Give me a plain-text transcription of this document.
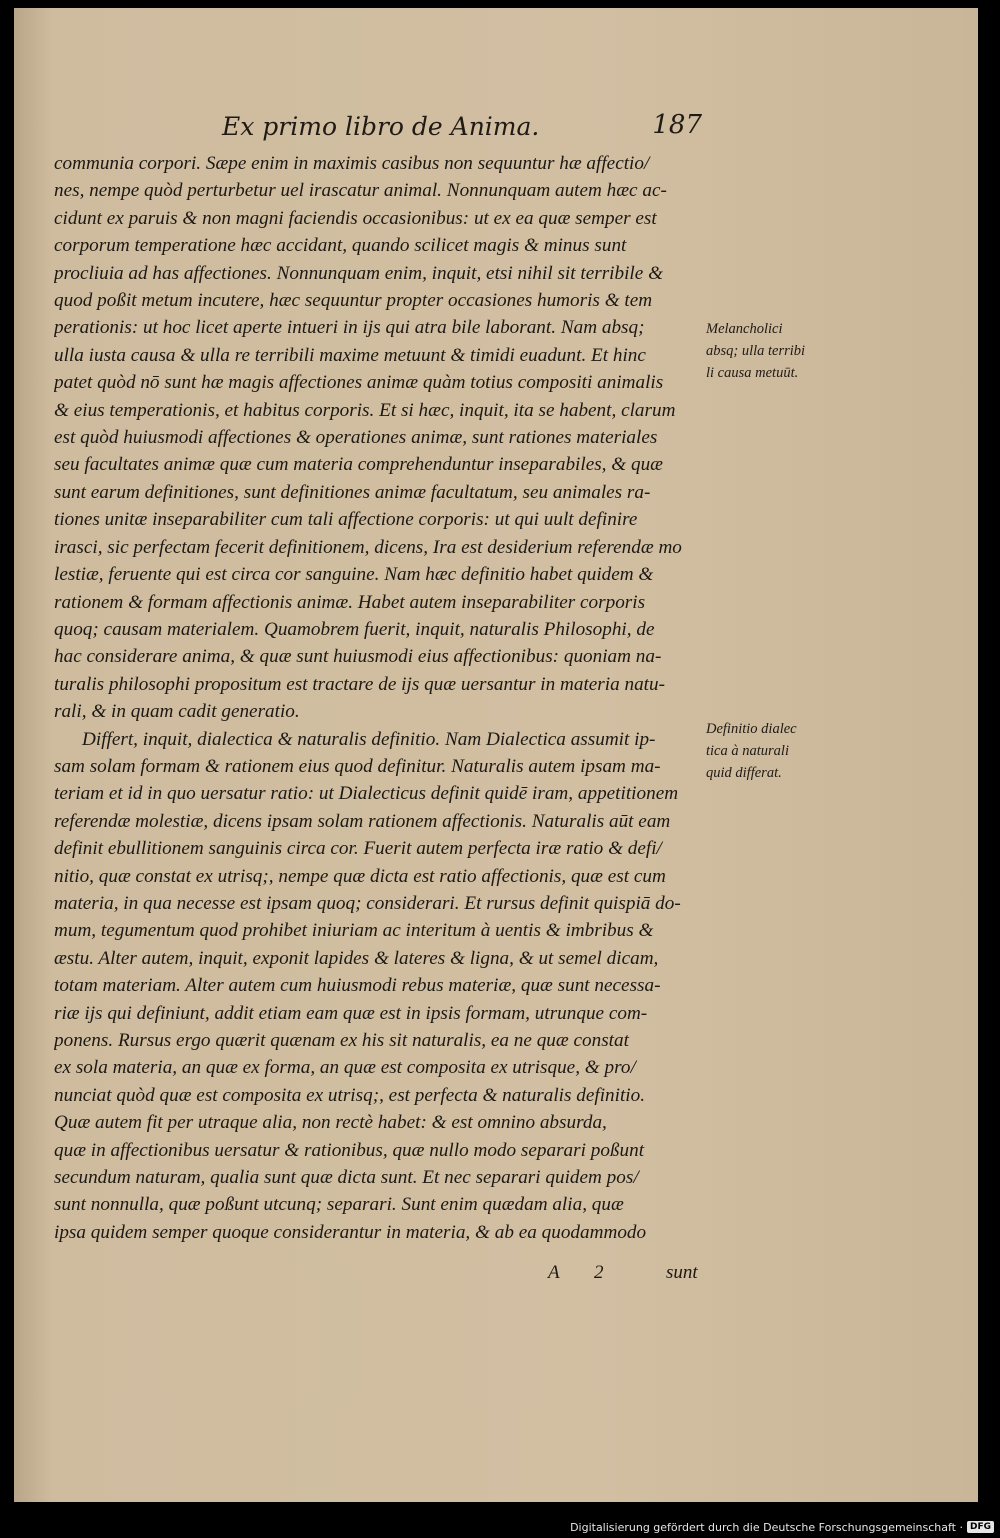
Ex primo libro de Anima.	187
communia corpori. Sæpe enim in maximis casibus non sequuntur hæ affectio/
nes, nempe quòd perturbetur uel irascatur animal. Nonnunquam autem hæc ac-
cidunt ex paruis & non magni faciendis occasionibus: ut ex ea quæ semper est
corporum temperatione hæc accidant, quando scilicet magis & minus sunt
procliuia ad has affectiones. Nonnunquam enim, inquit, etsi nihil sit terribile &
quod poßit metum incutere, hæc sequuntur propter occasiones humoris & tem
perationis: ut hoc licet aperte intueri in ijs qui atra bile laborant. Nam absq;
ulla iusta causa & ulla re terribili maxime metuunt & timidi euadunt. Et hinc
patet quòd nō sunt hæ magis affectiones animæ quàm totius compositi animalis
& eius temperationis, et habitus corporis. Et si hæc, inquit, ita se habent, clarum
est quòd huiusmodi affectiones & operationes animæ, sunt rationes materiales
seu facultates animæ quæ cum materia comprehenduntur inseparabiles, & quæ
sunt earum definitiones, sunt definitiones animæ facultatum, seu animales ra-
tiones unitæ inseparabiliter cum tali affectione corporis: ut qui uult definire
irasci, sic perfectam fecerit definitionem, dicens, Ira est desiderium referendæ mo
lestiæ, feruente qui est circa cor sanguine. Nam hæc definitio habet quidem &
rationem & formam affectionis animæ. Habet autem inseparabiliter corporis
quoq; causam materialem. Quamobrem fuerit, inquit, naturalis Philosophi, de
hac considerare anima, & quæ sunt huiusmodi eius affectionibus: quoniam na-
turalis philosophi propositum est tractare de ijs quæ uersantur in materia natu-
rali, & in quam cadit generatio.
Differt, inquit, dialectica & naturalis definitio. Nam Dialectica assumit ip-
sam solam formam & rationem eius quod definitur. Naturalis autem ipsam ma-
teriam et id in quo uersatur ratio: ut Dialecticus definit quidē iram, appetitionem
referendæ molestiæ, dicens ipsam solam rationem affectionis. Naturalis aūt eam
definit ebullitionem sanguinis circa cor. Fuerit autem perfecta iræ ratio & defi/
nitio, quæ constat ex utrisq;, nempe quæ dicta est ratio affectionis, quæ est cum
materia, in qua necesse est ipsam quoq; considerari. Et rursus definit quispiā do-
mum, tegumentum quod prohibet iniuriam ac interitum à uentis & imbribus &
æstu. Alter autem, inquit, exponit lapides & lateres & ligna, & ut semel dicam,
totam materiam. Alter autem cum huiusmodi rebus materiæ, quæ sunt necessa-
riæ ijs qui definiunt, addit etiam eam quæ est in ipsis formam, utrunque com-
ponens. Rursus ergo quærit quænam ex his sit naturalis, ea ne quæ constat
ex sola materia, an quæ ex forma, an quæ est composita ex utrisque, & pro/
nunciat quòd quæ est composita ex utrisq;, est perfecta & naturalis definitio.
Quæ autem fit per utraque alia, non rectè habet: & est omnino absurda,
quæ in affectionibus uersatur & rationibus, quæ nullo modo separari poßunt
secundum naturam, qualia sunt quæ dicta sunt. Et nec separari quidem pos/
sunt nonnulla, quæ poßunt utcunq; separari. Sunt enim quædam alia, quæ
ipsa quidem semper quoque considerantur in materia, & ab ea quodammodo
Melancholici
absq; ulla terribi
li causa metuūt.
Definitio dialec
tica à naturali
quid differat.
A 2	sunt
Digitalisierung gefördert durch die Deutsche Forschungsgemeinschaft · DFG
